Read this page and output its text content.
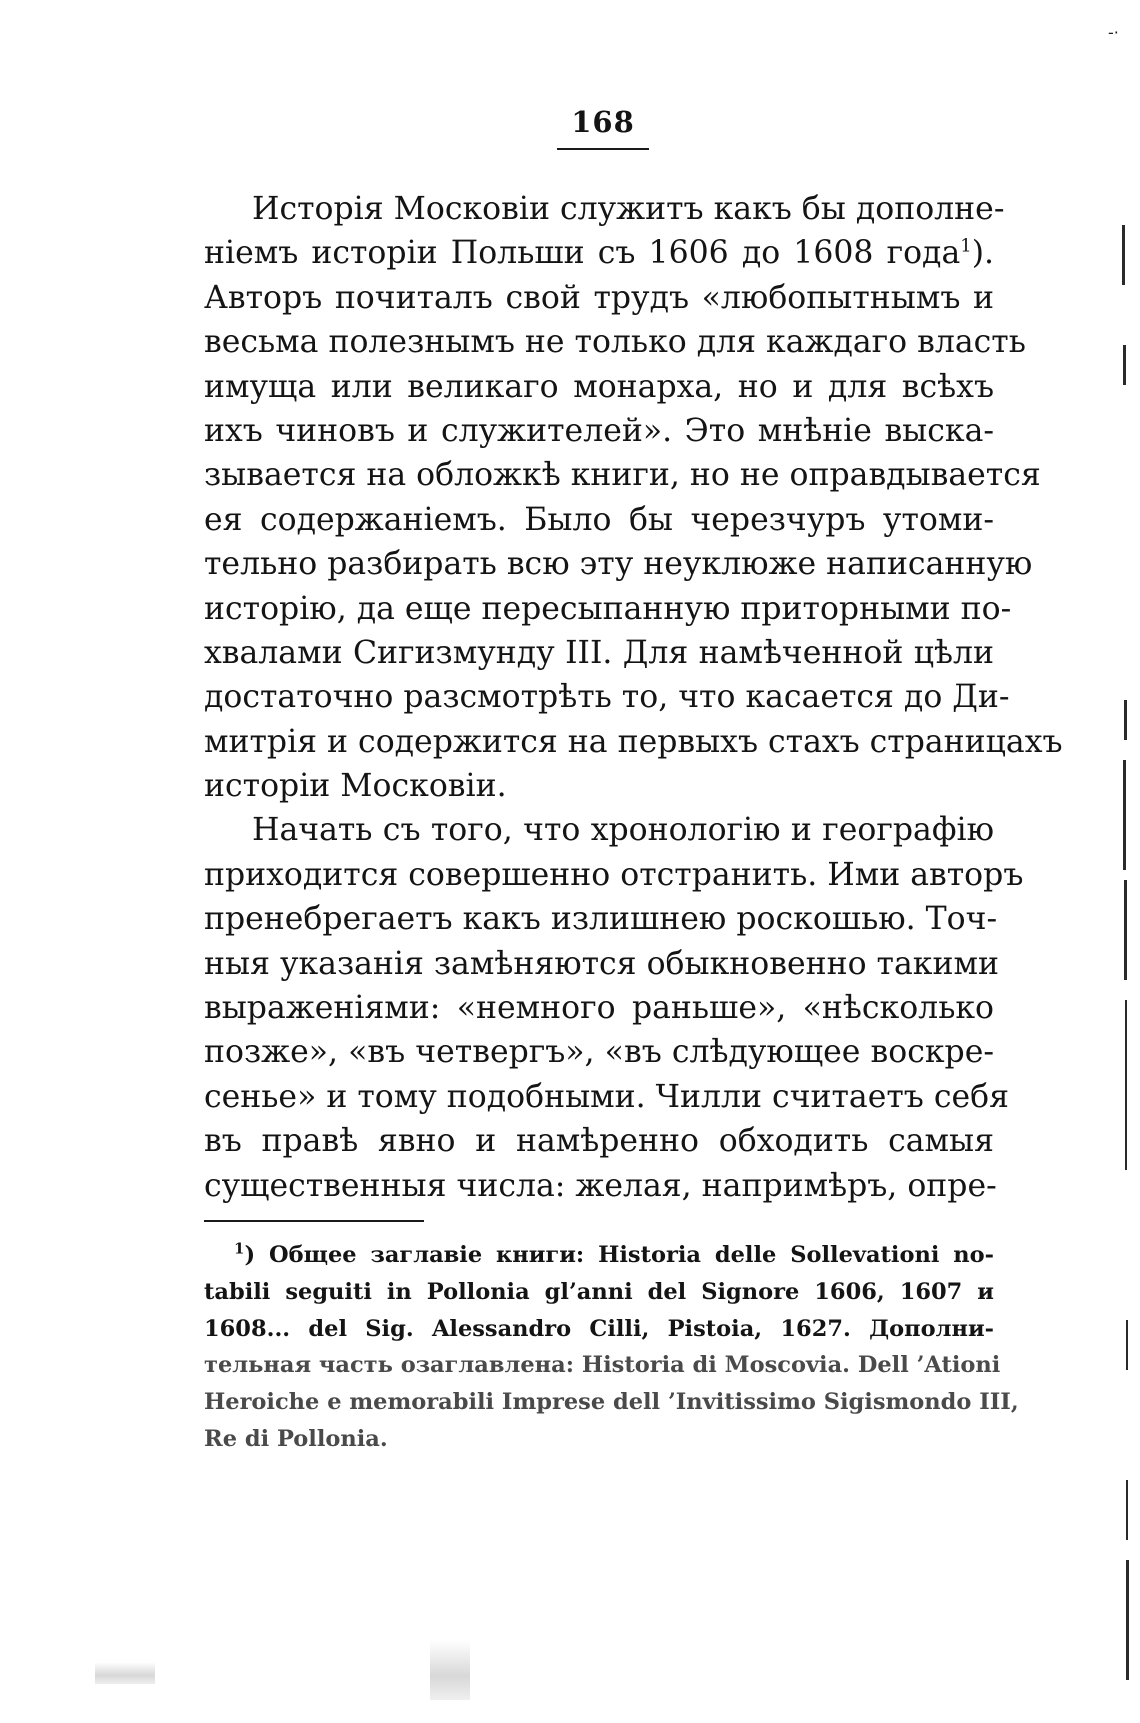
168
-·
Исторія Московіи служитъ какъ бы дополне-
ніемъ исторіи Польши съ 1606 до 1608 года$^1$).
Авторъ почиталъ свой трудъ «любопытнымъ и
весьма полезнымъ не только для каждаго власть
имуща или великаго монарха, но и для всѣхъ
ихъ чиновъ и служителей». Это мнѣніе выска-
зывается на обложкѣ книги, но не оправдывается
ея содержаніемъ. Было бы черезчуръ утоми-
тельно разбирать всю эту неуклюже написанную
исторію, да еще пересыпанную приторными по-
хвалами Сигизмунду III. Для намѣченной цѣли
достаточно разсмотрѣть то, что касается до Ди-
митрія и содержится на первыхъ стахъ страницахъ
исторіи Московіи.
Начать съ того, что хронологію и географію
приходится совершенно отстранить. Ими авторъ
пренебрегаетъ какъ излишнею роскошью. Точ-
ныя указанія замѣняются обыкновенно такими
выраженіями: «немного раньше», «нѣсколько
позже», «въ четвергъ», «въ слѣдующее воскре-
сенье» и тому подобными. Чилли считаетъ себя
въ правѣ явно и намѣренно обходить самыя
существенныя числа: желая, напримѣръ, опре-
$^1$) Общее заглавіе книги: Historia delle Sollevationi no-
tabili seguiti in Pollonia gl’anni del Signore 1606, 1607 и
1608... del Sig. Alessandro Cilli, Pistoia, 1627. Дополни-
тельная часть озаглавлена: Historia di Moscovia. Dell ’Ationi
Heroiche e memorabili Imprese dell ’Invitissimo Sigismondo III,
Re di Pollonia.
